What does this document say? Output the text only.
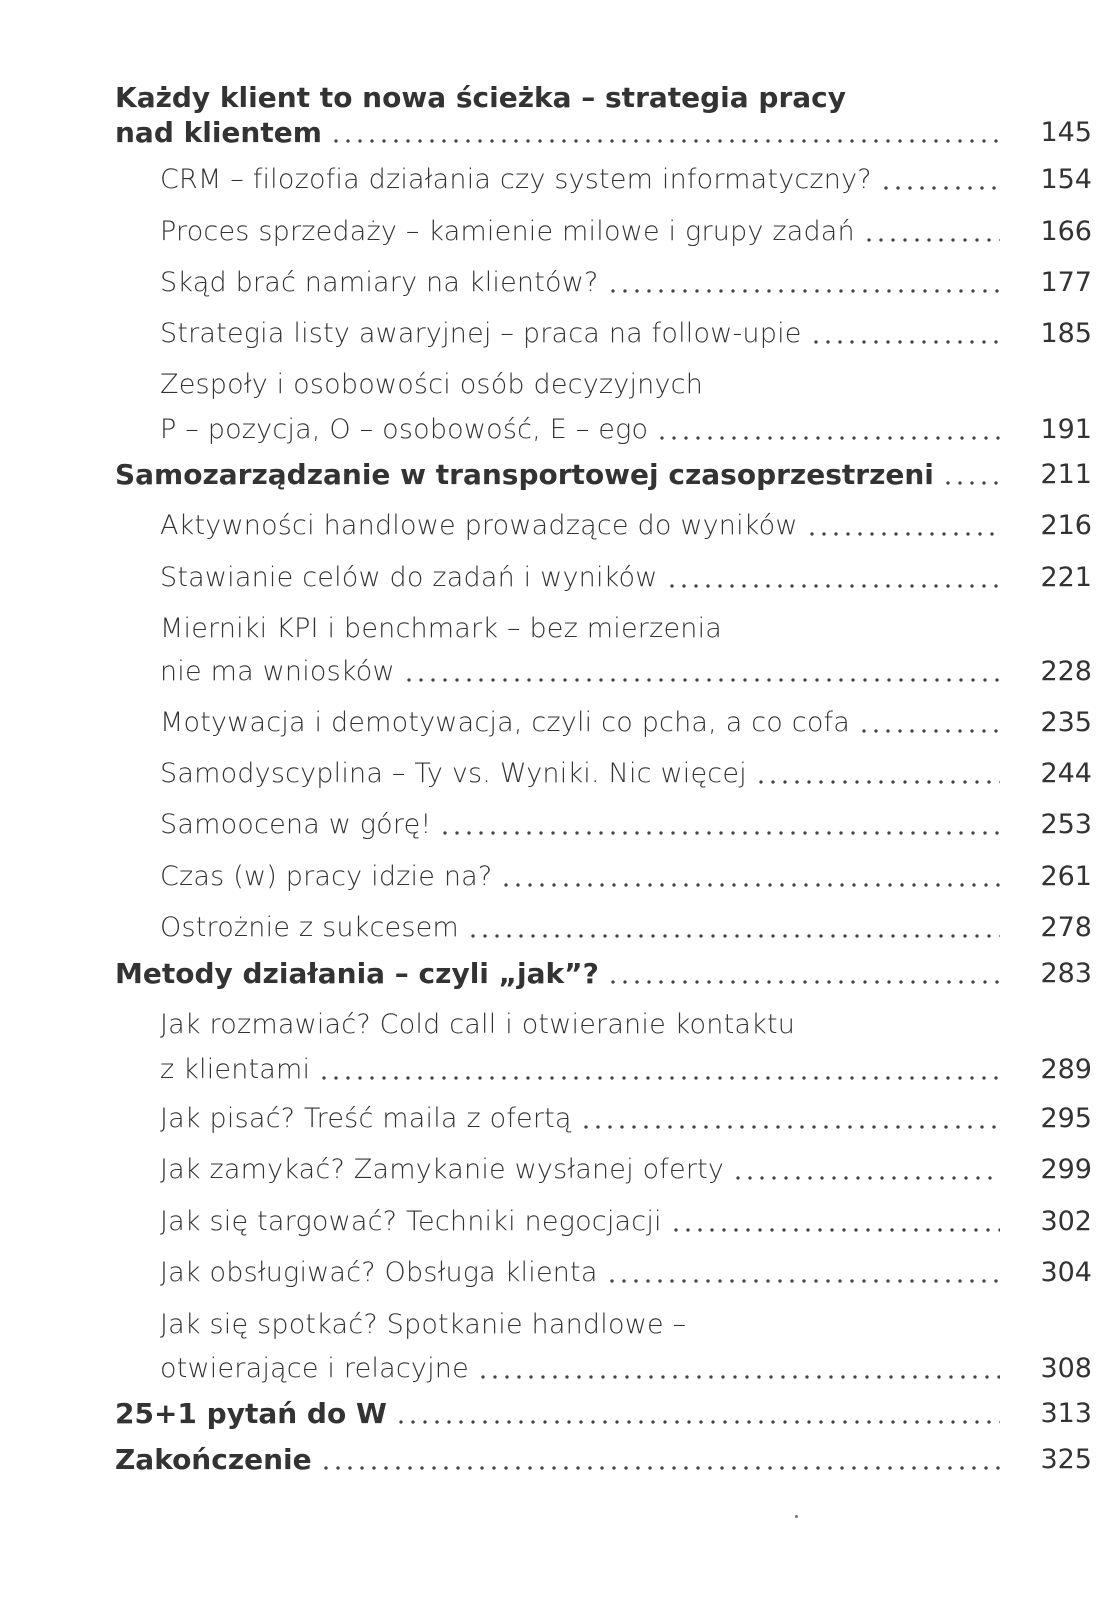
Każdy klient to nowa ścieżka – strategia pracy
nad klientem	145
CRM – filozofia działania czy system informatyczny?	154
Proces sprzedaży – kamienie milowe i grupy zadań	166
Skąd brać namiary na klientów?	177
Strategia listy awaryjnej – praca na follow-upie	185
Zespoły i osobowości osób decyzyjnych
P – pozycja, O – osobowość, E – ego	191
Samozarządzanie w transportowej czasoprzestrzeni	211
Aktywności handlowe prowadzące do wyników	216
Stawianie celów do zadań i wyników	221
Mierniki KPI i benchmark – bez mierzenia
nie ma wniosków	228
Motywacja i demotywacja, czyli co pcha, a co cofa	235
Samodyscyplina – Ty vs. Wyniki. Nic więcej	244
Samoocena w górę!	253
Czas (w) pracy idzie na?	261
Ostrożnie z sukcesem	278
Metody działania – czyli „jak”?	283
Jak rozmawiać? Cold call i otwieranie kontaktu
z klientami	289
Jak pisać? Treść maila z ofertą	295
Jak zamykać? Zamykanie wysłanej oferty	299
Jak się targować? Techniki negocjacji	302
Jak obsługiwać? Obsługa klienta	304
Jak się spotkać? Spotkanie handlowe –
otwierające i relacyjne	308
25+1 pytań do W	313
Zakończenie	325
